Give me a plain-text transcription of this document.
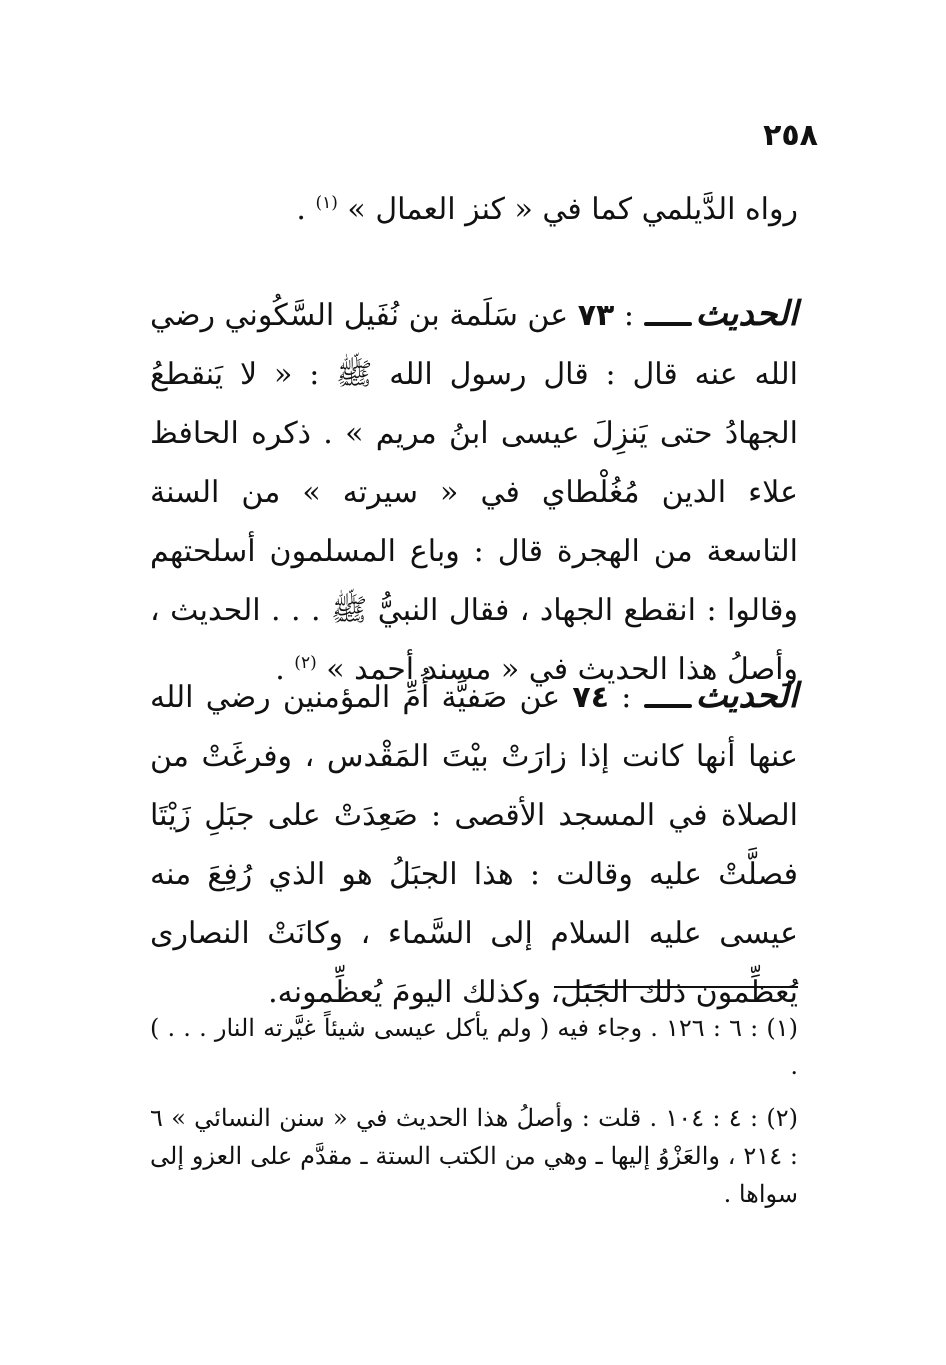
٢٥٨

رواه الدَّيلمي كما في « كنز العمال » $^{(١)}$ .

الحديث : ٧٣ عن سَلَمة بن نُفَيل السَّكُوني رضي الله عنه قال : قال رسول الله ﷺ : « لا يَنقطعُ الجهادُ حتى يَنزِلَ عيسى ابنُ مريم » . ذكره الحافظ علاء الدين مُغُلْطاي في « سيرته » من السنة التاسعة من الهجرة قال : وباع المسلمون أسلحتهم وقالوا : انقطع الجهاد ، فقال النبيُّ ﷺ . . . الحديث ، وأصلُ هذا الحديث في « مسند أحمد » $^{(٢)}$ .

الحديث : ٧٤ عن صَفيَّة أُمِّ المؤمنين رضي الله عنها أنها كانت إذا زارَتْ بيْتَ المَقْدس ، وفرغَتْ من الصلاة في المسجد الأقصى : صَعِدَتْ على جبَلِ زَيْتَا فصلَّتْ عليه وقالت : هذا الجبَلُ هو الذي رُفِعَ منه عيسى عليه السلام إلى السَّماء ، وكانَتْ النصارى يُعظِّمون ذلك الجَبَل، وكذلك اليومَ يُعظِّمونه.

(١) : ٦ : ١٢٦ . وجاء فيه ( ولم يأكل عيسى شيئاً غيَّرته النار . . . ) .
(٢) : ٤ : ١٠٤ . قلت : وأصلُ هذا الحديث في « سنن النسائي » ٦ : ٢١٤ ، والعَزْوُ إليها ـ وهي من الكتب الستة ـ مقدَّم على العزو إلى سواها .
